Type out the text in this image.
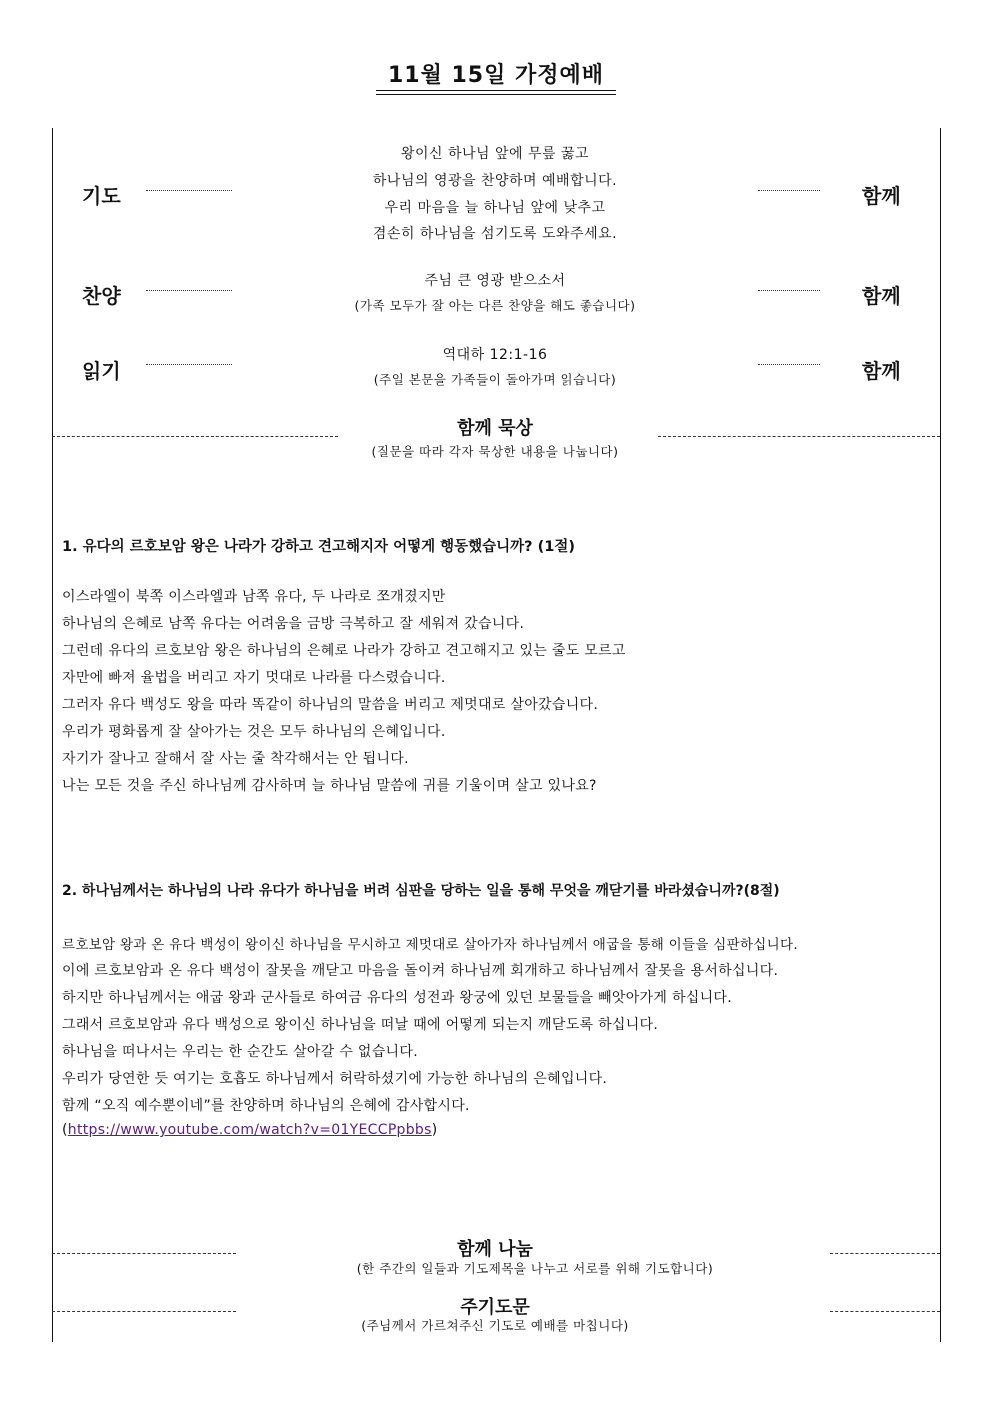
11월 15일 가정예배
기도
왕이신 하나님 앞에 무릎 꿇고
하나님의 영광을 찬양하며 예배합니다.
우리 마음을 늘 하나님 앞에 낮추고
겸손히 하나님을 섬기도록 도와주세요.
함께
찬양
주님 큰 영광 받으소서
(가족 모두가 잘 아는 다른 찬양을 해도 좋습니다)	함께
읽기
역대하 12:1-16
(주일 본문을 가족들이 돌아가며 읽습니다)	함께
함께 묵상
(질문을 따라 각자 묵상한 내용을 나눕니다)
1. 유다의 르호보암 왕은 나라가 강하고 견고해지자 어떻게 행동했습니까? (1절)
이스라엘이 북쪽 이스라엘과 남쪽 유다, 두 나라로 쪼개졌지만
하나님의 은혜로 남쪽 유다는 어려움을 금방 극복하고 잘 세워져 갔습니다.
그런데 유다의 르호보암 왕은 하나님의 은혜로 나라가 강하고 견고해지고 있는 줄도 모르고
자만에 빠져 율법을 버리고 자기 멋대로 나라를 다스렸습니다.
그러자 유다 백성도 왕을 따라 똑같이 하나님의 말씀을 버리고 제멋대로 살아갔습니다.
우리가 평화롭게 잘 살아가는 것은 모두 하나님의 은혜입니다.
자기가 잘나고 잘해서 잘 사는 줄 착각해서는 안 됩니다.
나는 모든 것을 주신 하나님께 감사하며 늘 하나님 말씀에 귀를 기울이며 살고 있나요?
2. 하나님께서는 하나님의 나라 유다가 하나님을 버려 심판을 당하는 일을 통해 무엇을 깨닫기를 바라셨습니까?(8절)
르호보암 왕과 온 유다 백성이 왕이신 하나님을 무시하고 제멋대로 살아가자 하나님께서 애굽을 통해 이들을 심판하십니다.
이에 르호보암과 온 유다 백성이 잘못을 깨닫고 마음을 돌이켜 하나님께 회개하고 하나님께서 잘못을 용서하십니다.
하지만 하나님께서는 애굽 왕과 군사들로 하여금 유다의 성전과 왕궁에 있던 보물들을 빼앗아가게 하십니다.
그래서 르호보암과 유다 백성으로 왕이신 하나님을 떠날 때에 어떻게 되는지 깨닫도록 하십니다.
하나님을 떠나서는 우리는 한 순간도 살아갈 수 없습니다.
우리가 당연한 듯 여기는 호흡도 하나님께서 허락하셨기에 가능한 하나님의 은혜입니다.
함께 “오직 예수뿐이네”를 찬양하며 하나님의 은혜에 감사합시다.
(https://www.youtube.com/watch?v=01YECCPpbbs)
함께 나눔
(한 주간의 일들과 기도제목을 나누고 서로를 위해 기도합니다)
주기도문
(주님께서 가르쳐주신 기도로 예배를 마칩니다)
